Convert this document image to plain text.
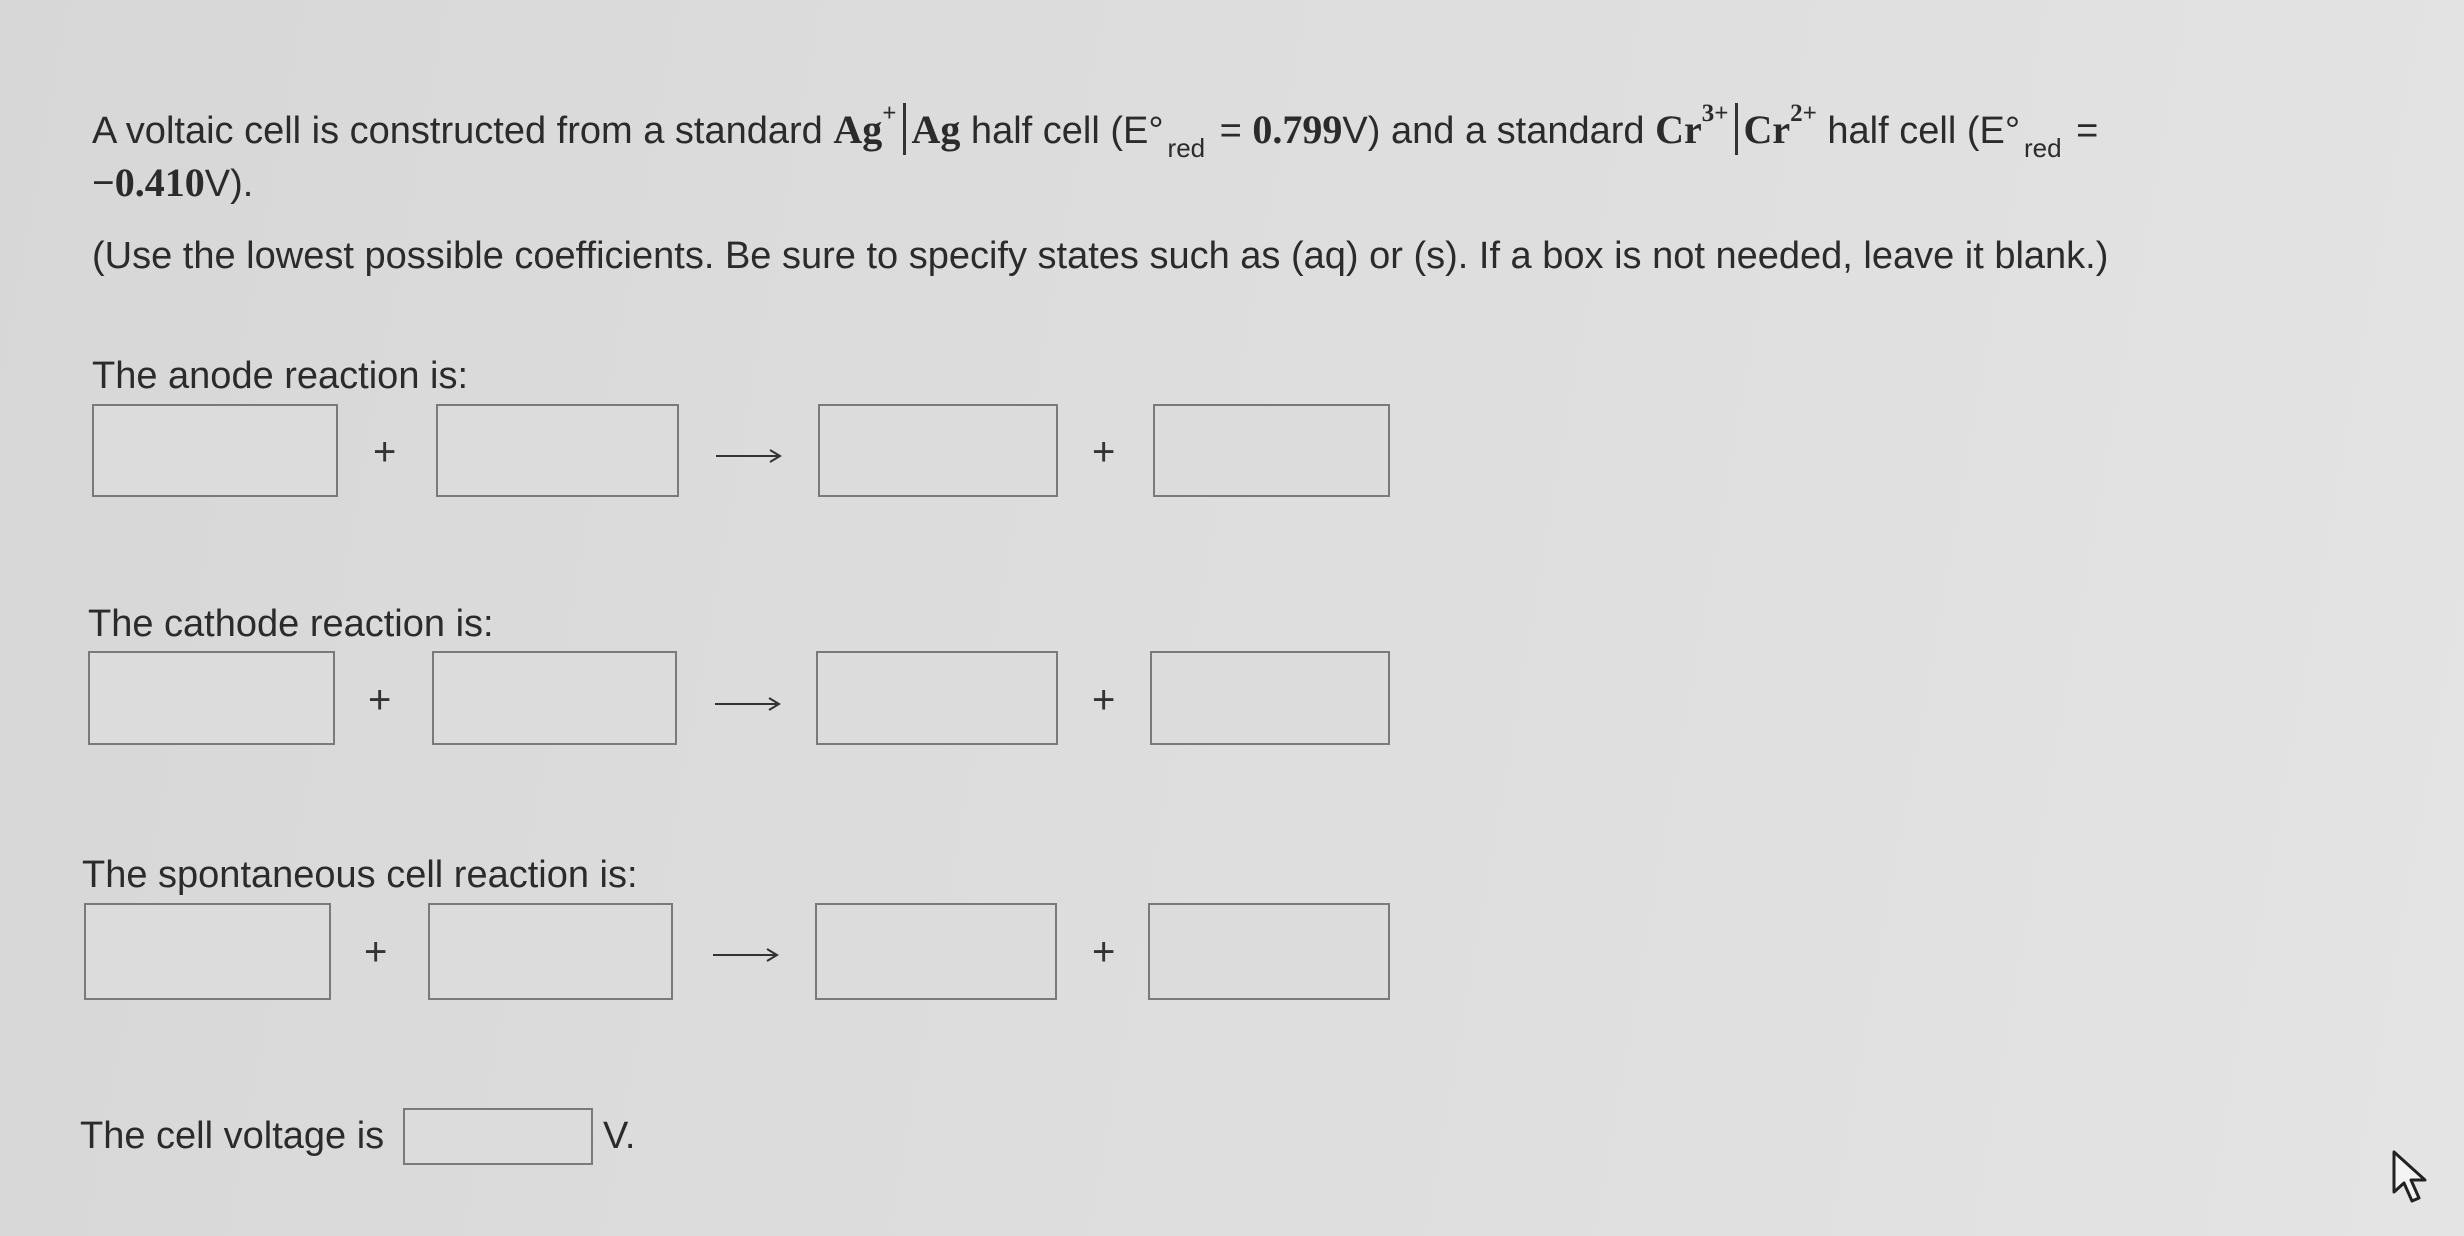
A voltaic cell is constructed from a standard Ag+ Ag half cell (E° $_{red}$ = 0.799V) and a standard $Cr^{3+}$ $Cr^{2+}$ half cell (E° $_{red}$ =
−0.410V).
(Use the lowest possible coefficients. Be sure to specify states such as (aq) or (s). If a box is not needed, leave it blank.)
The anode reaction is:
+	+
The cathode reaction is:
+	+
The spontaneous cell reaction is:
+	+
The cell voltage is	V.
